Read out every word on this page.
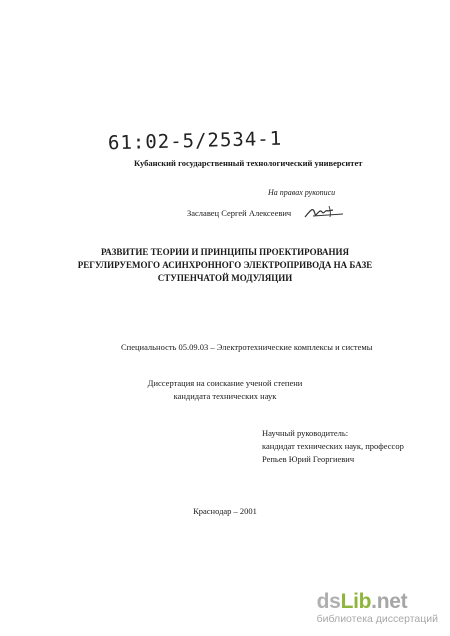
61:02-5/2534-1
Кубанский государственный технологический университет
На правах рукописи
Заславец Сергей Алексеевич
РАЗВИТИЕ ТЕОРИИ И ПРИНЦИПЫ ПРОЕКТИРОВАНИЯ
РЕГУЛИРУЕМОГО АСИНХРОННОГО ЭЛЕКТРОПРИВОДА НА БАЗЕ
СТУПЕНЧАТОЙ МОДУЛЯЦИИ
Специальность 05.09.03 – Электротехнические комплексы и системы
Диссертация на соискание ученой степени
кандидата технических наук
Научный руководитель:
кандидат технических наук, профессор
Репьев Юрий Георгиевич
Краснодар – 2001
dsLib.net
библиотека диссертаций
